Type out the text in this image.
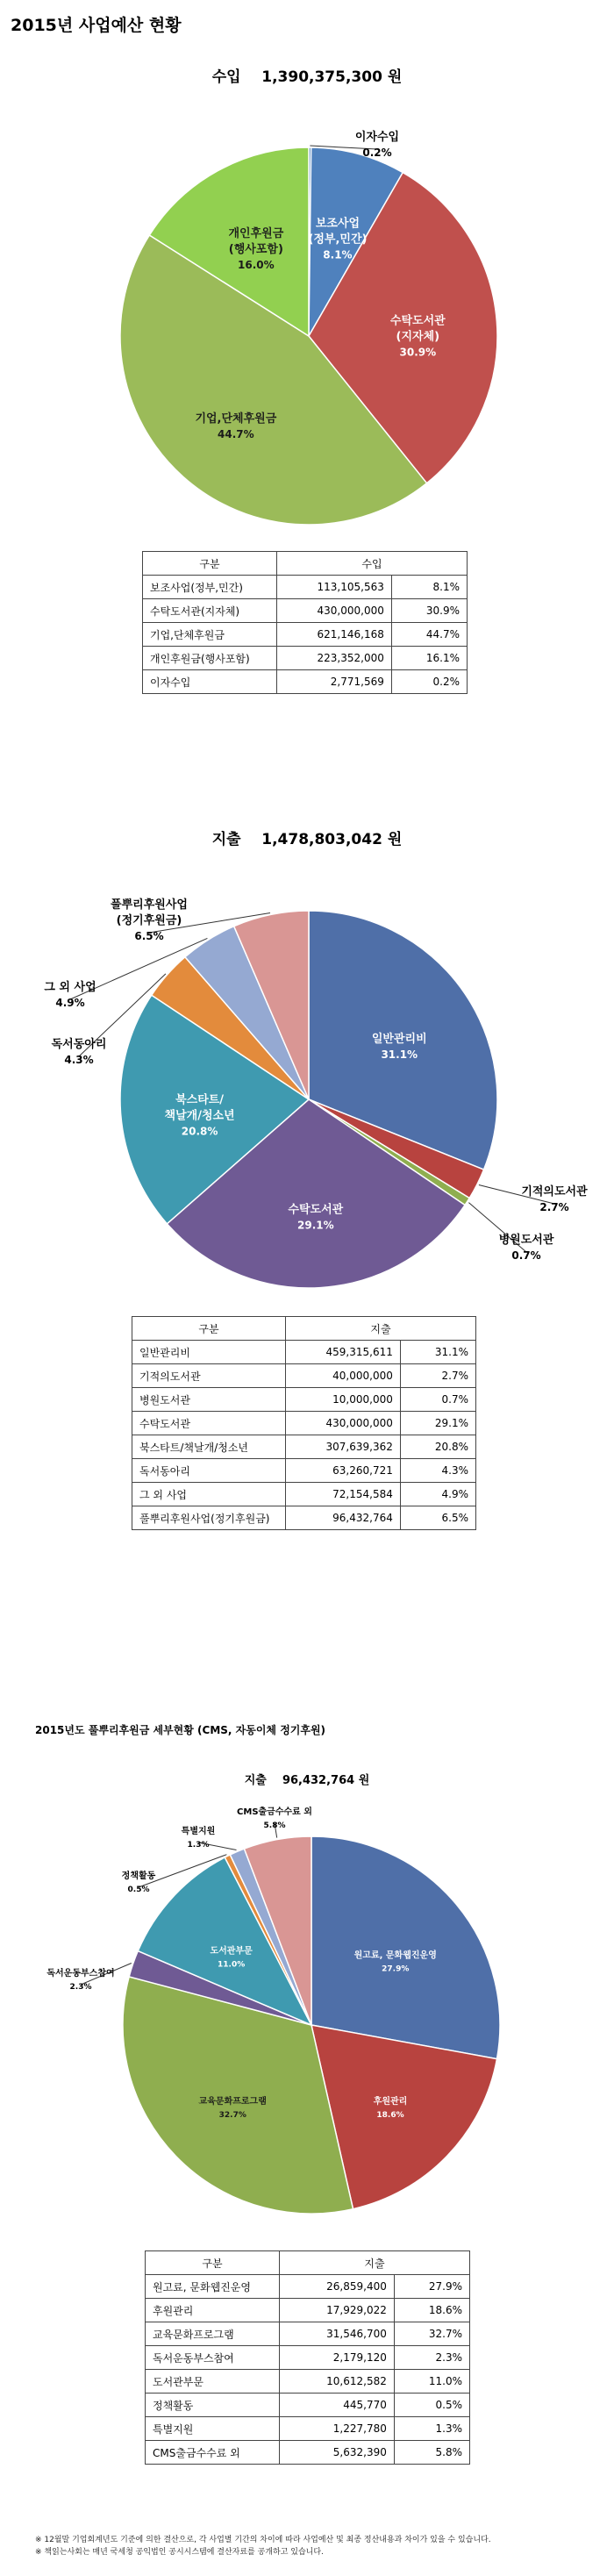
2015년 사업예산 현황
수입    1,390,375,300 원
이자수입
0.2%
보조사업
(정부,민간)
8.1%
수탁도서관
(지자체)
30.9%
기업,단체후원금
44.7%
개인후원금
(행사포함)
16.0%
구분	수입	
보조사업(정부,민간)	113,105,563	8.1%
수탁도서관(지자체)	430,000,000	30.9%
기업,단체후원금	621,146,168	44.7%
개인후원금(행사포함)	223,352,000	16.1%
이자수입	2,771,569	0.2%
지출    1,478,803,042 원
일반관리비
31.1%
기적의도서관
2.7%
병원도서관
0.7%
수탁도서관
29.1%
북스타트/
책날개/청소년
20.8%
독서동아리
4.3%
그 외 사업
4.9%
풀뿌리후원사업
(정기후원금)
6.5%
구분	지출	
일반관리비	459,315,611	31.1%
기적의도서관	40,000,000	2.7%
병원도서관	10,000,000	0.7%
수탁도서관	430,000,000	29.1%
북스타트/책날개/청소년	307,639,362	20.8%
독서동아리	63,260,721	4.3%
그 외 사업	72,154,584	4.9%
풀뿌리후원사업(정기후원금)	96,432,764	6.5%
2015년도 풀뿌리후원금 세부현황 (CMS, 자동이체 정기후원)
지출    96,432,764 원
원고료, 문화웹진운영
27.9%
후원관리
18.6%
교육문화프로그램
32.7%
독서운동부스참여
2.3%
도서관부문
11.0%
정책활동
0.5%
특별지원
1.3%
CMS출금수수료 외
5.8%
구분	지출	
원고료, 문화웹진운영	26,859,400	27.9%
후원관리	17,929,022	18.6%
교육문화프로그램	31,546,700	32.7%
독서운동부스참여	2,179,120	2.3%
도서관부문	10,612,582	11.0%
정책활동	445,770	0.5%
특별지원	1,227,780	1.3%
CMS출금수수료 외	5,632,390	5.8%
※ 12월말 기업회계년도 기준에 의한 결산으로, 각 사업별 기간의 차이에 따라 사업예산 및 최종 정산내용과 차이가 있을 수 있습니다.
※ 책읽는사회는 매년 국세청 공익법인 공시시스템에 결산자료를 공개하고 있습니다.
